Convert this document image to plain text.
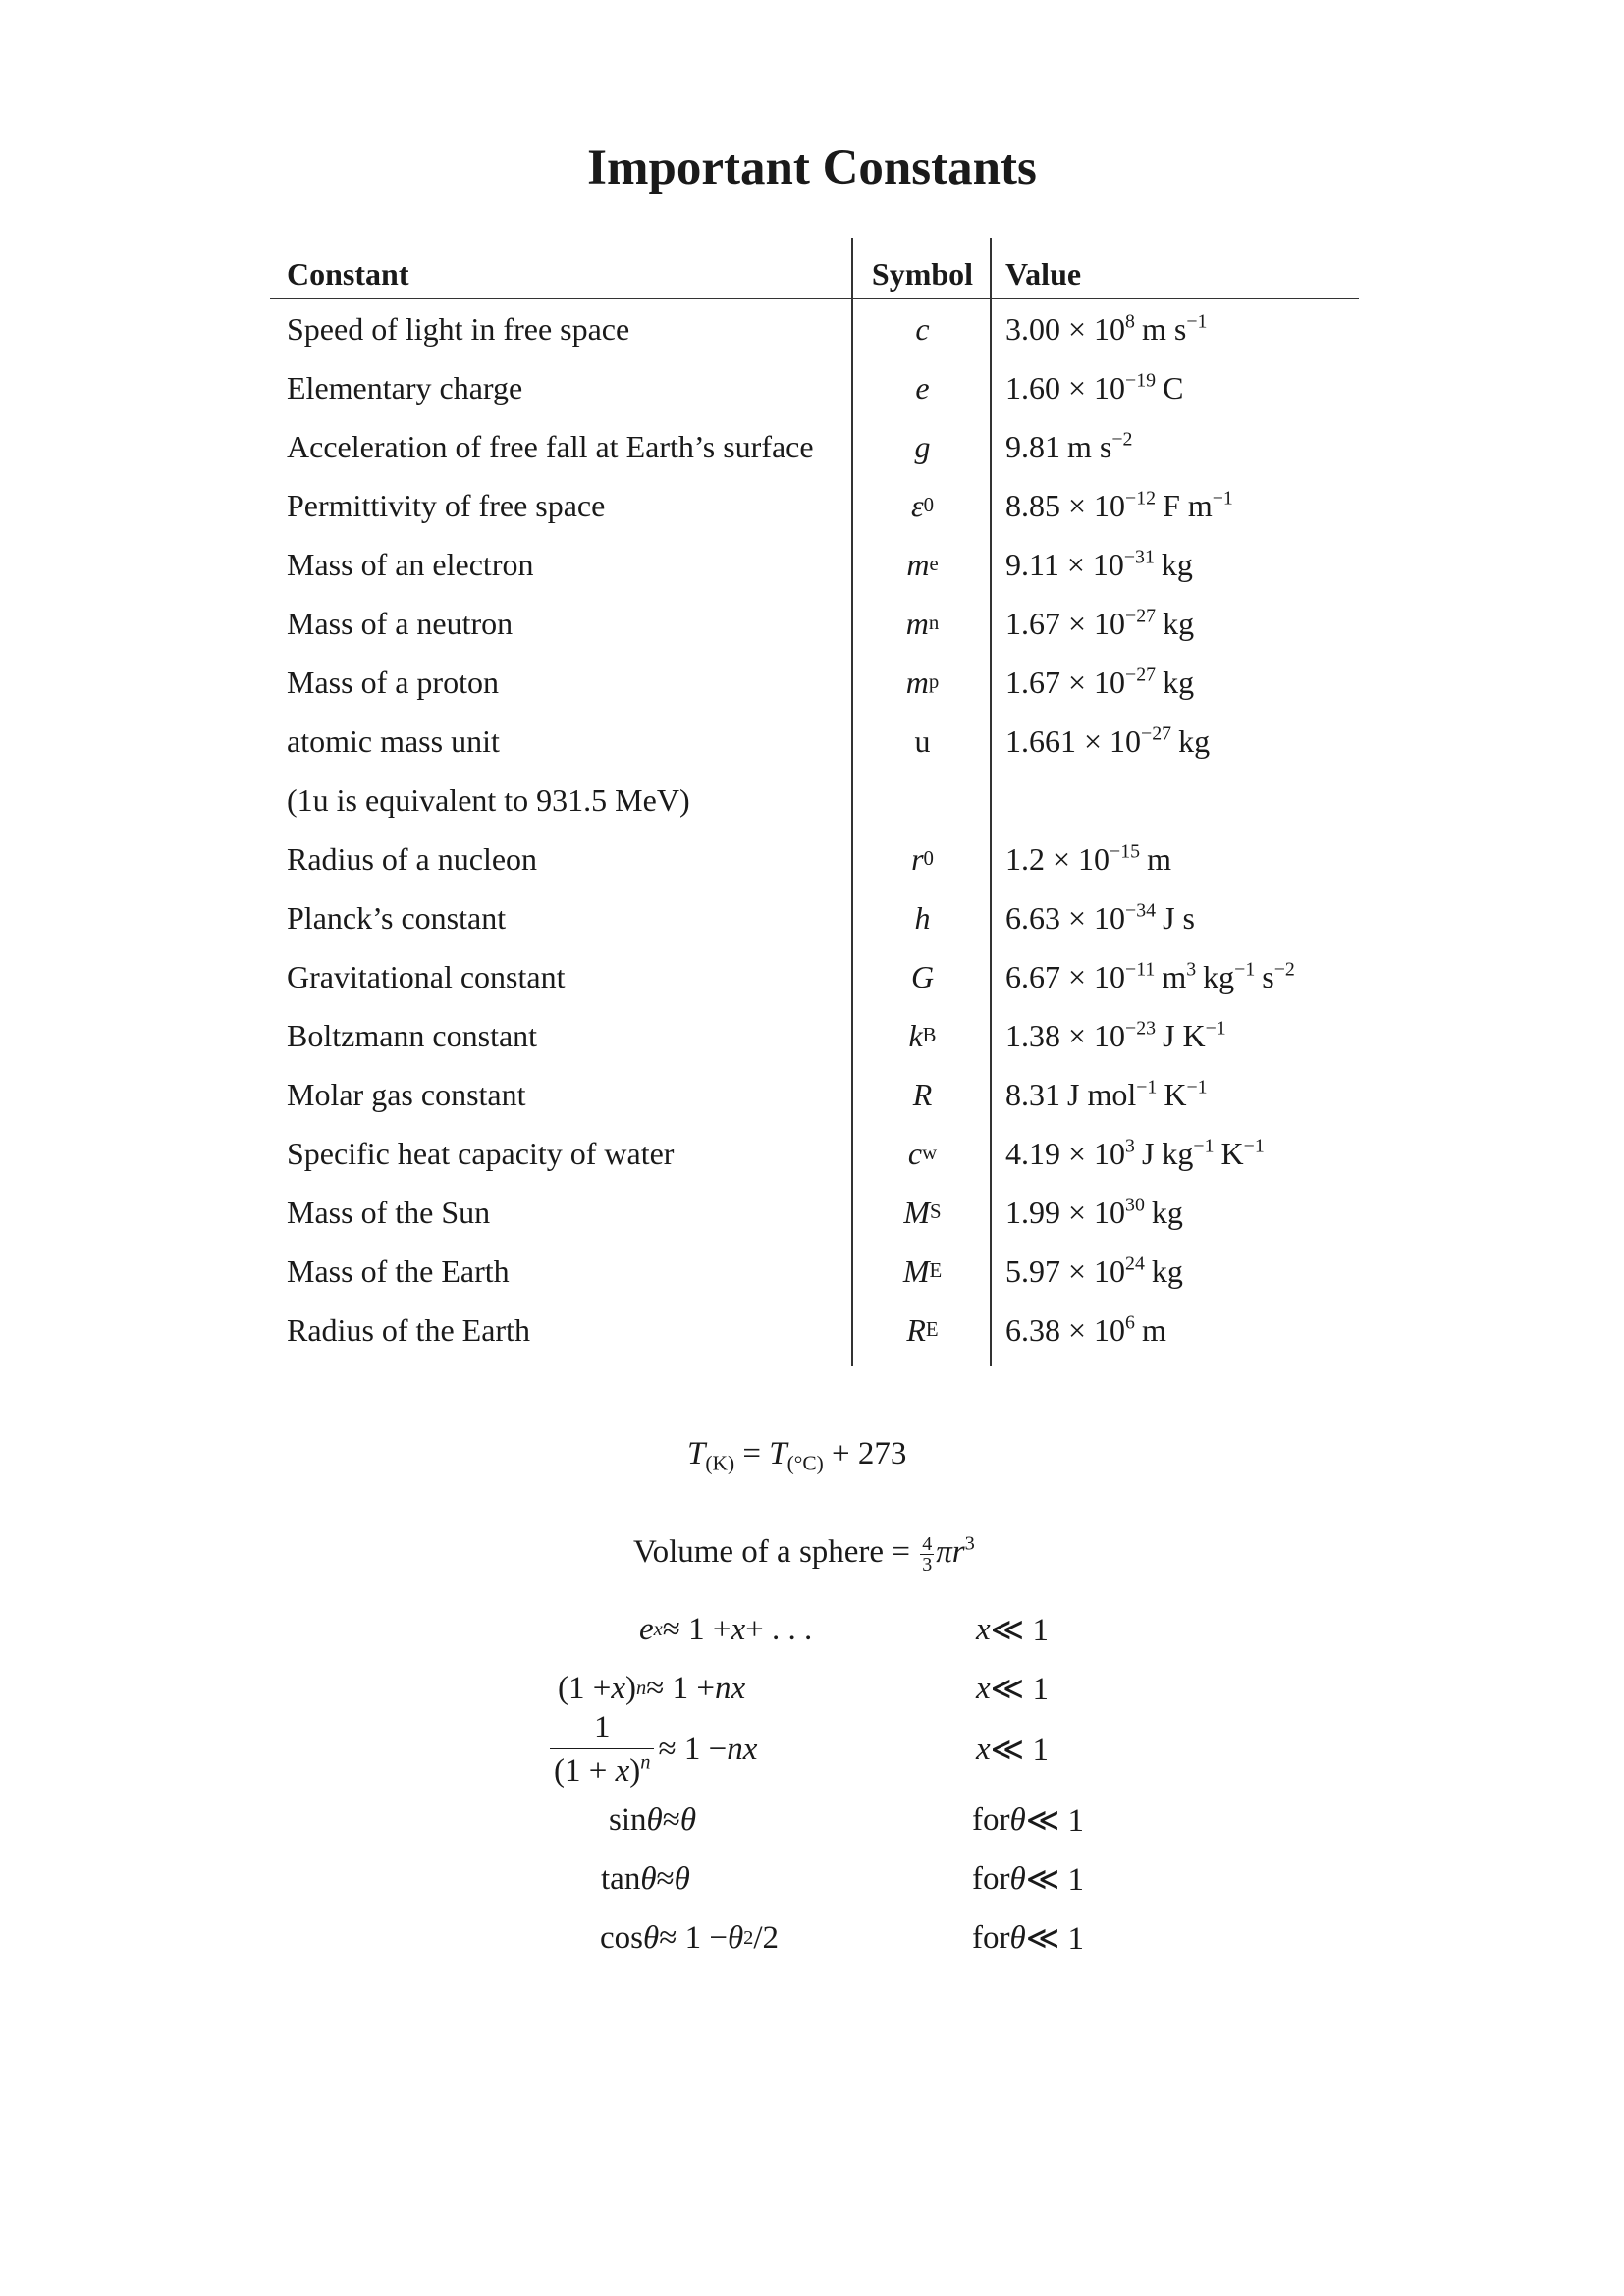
Important Constants
Constant	Symbol	Value
Speed of light in free space	c $3.00 \times 10^8$ m $s^{-1}$
Elementary charge	e $1.60 \times 10^{-19}$ C
Acceleration of free fall at Earth’s surface	g 9.81 m $s^{-2}$
Permittivity of free space	ε 0 $8.85 \times 10^{-12}$ F $m^{-1}$
Mass of an electron	m e $9.11 \times 10^{-31}$ kg
Mass of a neutron	m n $1.67 \times 10^{-27}$ kg
Mass of a proton	m p $1.67 \times 10^{-27}$ kg
atomic mass unit	u $1.661 \times 10^{-27}$ kg
(1u is equivalent to 931.5 MeV)
Radius of a nucleon	r 0 $1.2 \times 10^{-15}$ m
Planck’s constant	h $6.63 \times 10^{-34}$ J s
Gravitational constant	G $6.67 \times 10^{-11}$ $m^3$ $kg^{-1}$ $s^{-2}$
Boltzmann constant	k B $1.38 \times 10^{-23}$ J $K^{-1}$
Molar gas constant	R 8.31 J mol$^{-1}$ $K^{-1}$
Specific heat capacity of water	c w $4.19 \times 10^3$ J $kg^{-1}$ $K^{-1}$
Mass of the Sun	M S $1.99 \times 10^{30}$ kg
Mass of the Earth	M E $5.97 \times 10^{24}$ kg
Radius of the Earth	R E $6.38 \times 10^6$ m
$T_{(K)} = T_{(^\circ C)} + 273$
Volume of a sphere = $\frac{4}{3} \pi r^3$
e x ≈ 1 + x + . . .	x ≪ 1
(1 + x ) n ≈ 1 + nx	x ≪ 1
$\frac{1}{(1 + x)^n} \approx 1$ − nx	x ≪ 1
sin θ ≈ θ	for θ ≪ 1
tan θ ≈ θ	for θ ≪ 1
cos θ ≈ 1 − θ 2 /2	for θ ≪ 1
